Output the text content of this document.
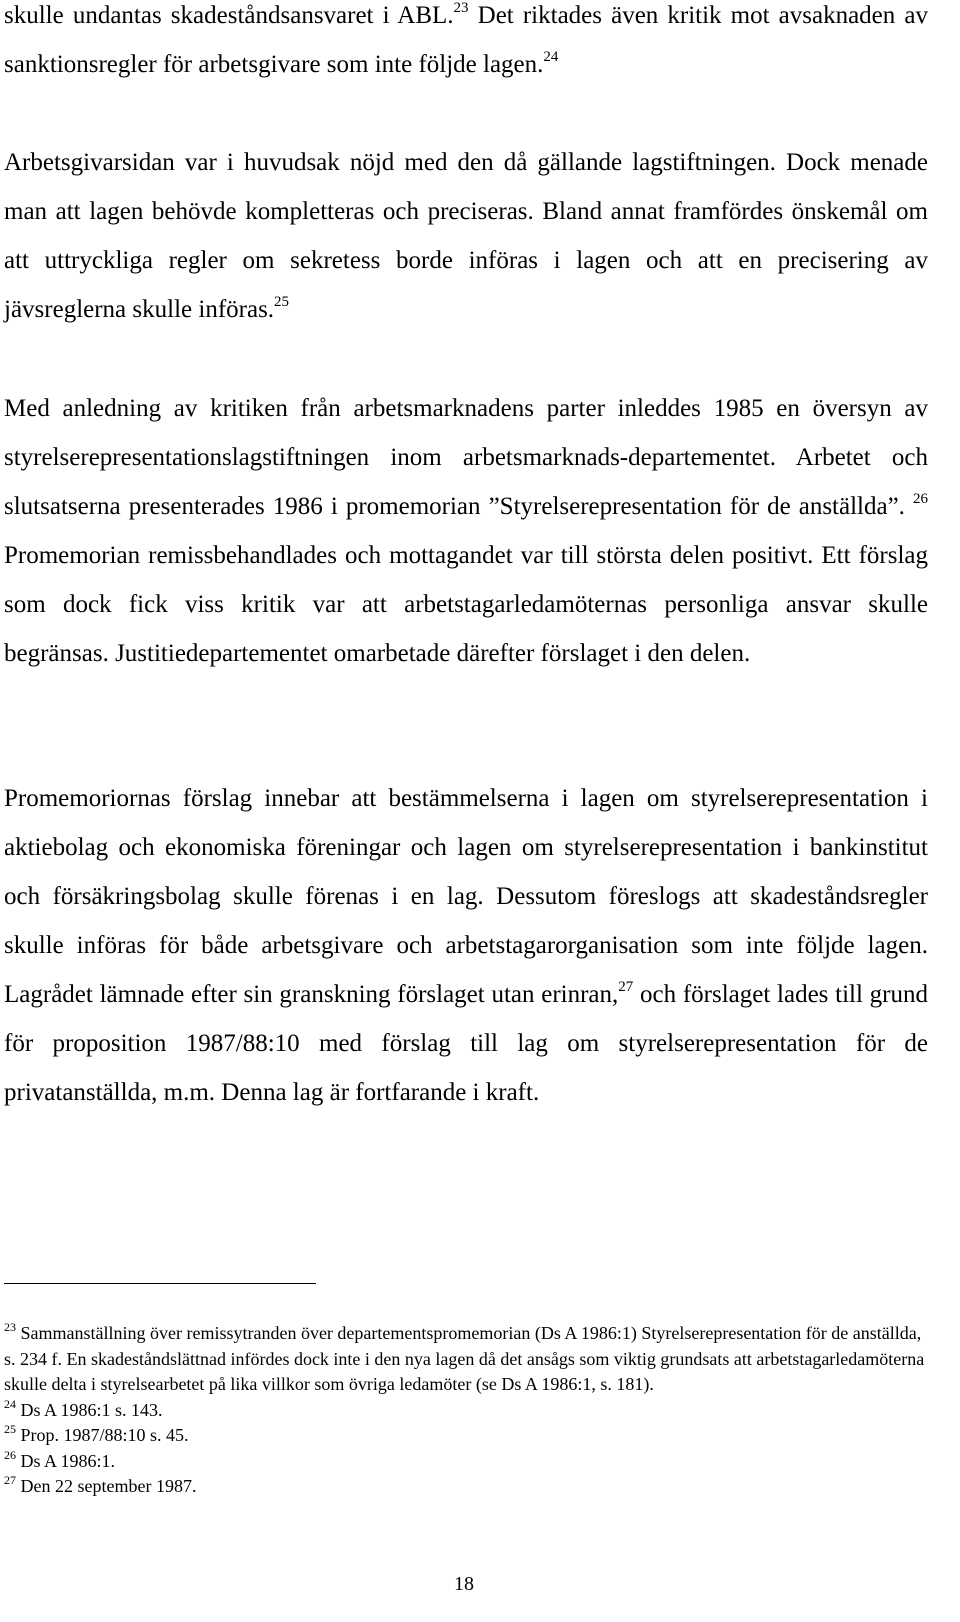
skulle undantas skadeståndsansvaret i ABL.$^{23}$ Det riktades även kritik mot avsaknaden av sanktionsregler för arbetsgivare som inte följde lagen.$^{24}$

Arbetsgivarsidan var i huvudsak nöjd med den då gällande lagstiftningen. Dock menade man att lagen behövde kompletteras och preciseras. Bland annat framfördes önskemål om att uttryckliga regler om sekretess borde införas i lagen och att en precisering av jävsreglerna skulle införas.$^{25}$

Med anledning av kritiken från arbetsmarknadens parter inleddes 1985 en översyn av styrelserepresentationslagstiftningen inom arbetsmarknads-departementet. Arbetet och slutsatserna presenterades 1986 i promemorian ”Styrelserepresentation för de anställda”. $^{26}$ Promemorian remissbehandlades och mottagandet var till största delen positivt. Ett förslag som dock fick viss kritik var att arbetstagarledamöternas personliga ansvar skulle begränsas. Justitiedepartementet omarbetade därefter förslaget i den delen.

Promemoriornas förslag innebar att bestämmelserna i lagen om styrelserepresentation i aktiebolag och ekonomiska föreningar och lagen om styrelserepresentation i bankinstitut och försäkringsbolag skulle förenas i en lag. Dessutom föreslogs att skadeståndsregler skulle införas för både arbetsgivare och arbetstagarorganisation som inte följde lagen. Lagrådet lämnade efter sin granskning förslaget utan erinran,$^{27}$ och förslaget lades till grund för proposition 1987/88:10 med förslag till lag om styrelserepresentation för de privatanställda, m.m. Denna lag är fortfarande i kraft.

$^{23}$ Sammanställning över remissytranden över departementspromemorian (Ds A 1986:1) Styrelserepresentation för de anställda, s. 234 f. En skadeståndslättnad infördes dock inte i den nya lagen då det ansågs som viktig grundsats att arbetstagarledamöterna skulle delta i styrelsearbetet på lika villkor som övriga ledamöter (se Ds A 1986:1, s. 181).

$^{24}$ Ds A 1986:1 s. 143.

$^{25}$ Prop. 1987/88:10 s. 45.

$^{26}$ Ds A 1986:1.

$^{27}$ Den 22 september 1987.

18
